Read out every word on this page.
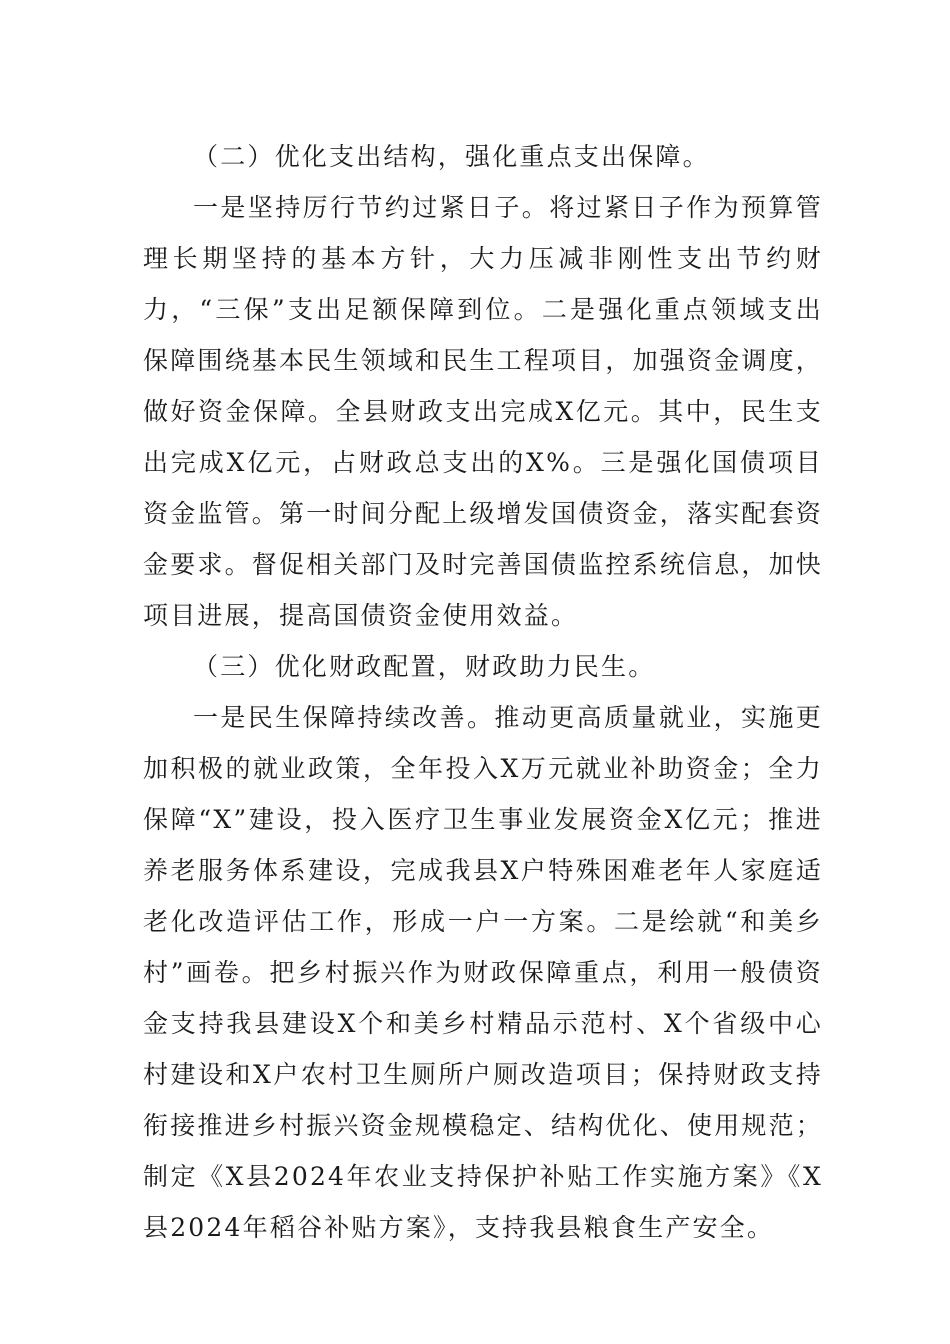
（二）优化支出结构，强化重点支出保障。

一是坚持厉行节约过紧日子。将过紧日子作为预算管理长期坚持的基本方针，大力压减非刚性支出节约财力，“三保”支出足额保障到位。二是强化重点领域支出保障围绕基本民生领域和民生工程项目，加强资金调度，做好资金保障。全县财政支出完成X亿元。其中，民生支出完成X亿元，占财政总支出的X%。三是强化国债项目资金监管。第一时间分配上级增发国债资金，落实配套资金要求。督促相关部门及时完善国债监控系统信息，加快项目进展，提高国债资金使用效益。

（三）优化财政配置，财政助力民生。

一是民生保障持续改善。推动更高质量就业，实施更加积极的就业政策，全年投入X万元就业补助资金；全力保障“X”建设，投入医疗卫生事业发展资金X亿元；推进养老服务体系建设，完成我县X户特殊困难老年人家庭适老化改造评估工作，形成一户一方案。二是绘就“和美乡村”画卷。把乡村振兴作为财政保障重点，利用一般债资金支持我县建设X个和美乡村精品示范村、X个省级中心村建设和X户农村卫生厕所户厕改造项目；保持财政支持衔接推进乡村振兴资金规模稳定、结构优化、使用规范；制定《X县2024年农业支持保护补贴工作实施方案》《X县2024年稻谷补贴方案》，支持我县粮食生产安全。
